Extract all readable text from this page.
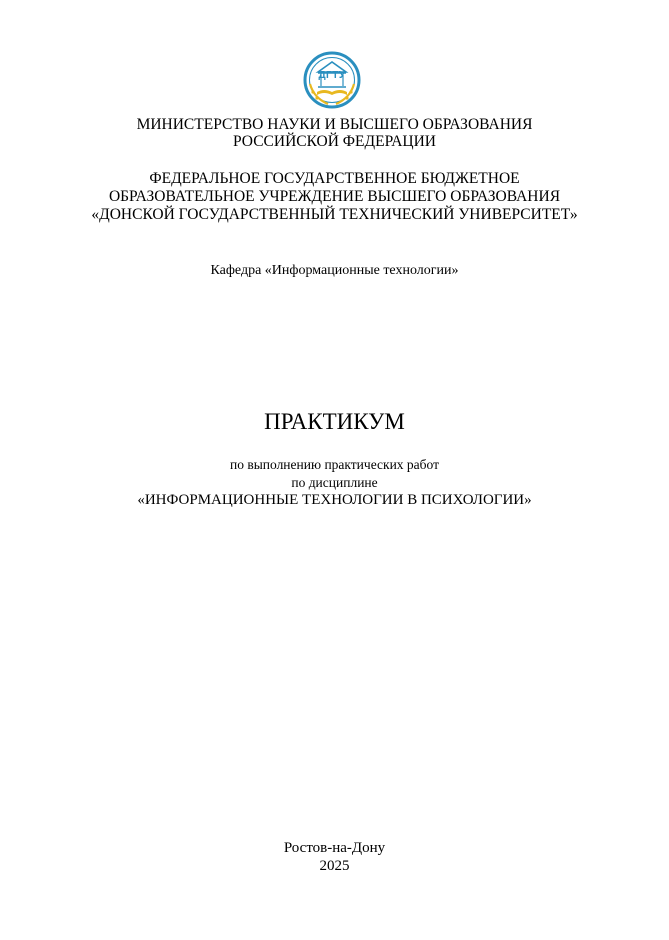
ДГТУ
МИНИСТЕРСТВО НАУКИ И ВЫСШЕГО ОБРАЗОВАНИЯ
РОССИЙСКОЙ ФЕДЕРАЦИИ
ФЕДЕРАЛЬНОЕ ГОСУДАРСТВЕННОЕ БЮДЖЕТНОЕ
ОБРАЗОВАТЕЛЬНОЕ УЧРЕЖДЕНИЕ ВЫСШЕГО ОБРАЗОВАНИЯ
«ДОНСКОЙ ГОСУДАРСТВЕННЫЙ ТЕХНИЧЕСКИЙ УНИВЕРСИТЕТ»
Кафедра «Информационные технологии»
ПРАКТИКУМ
по выполнению практических работ
по дисциплине
«ИНФОРМАЦИОННЫЕ ТЕХНОЛОГИИ В ПСИХОЛОГИИ»
Ростов-на-Дону
2025
